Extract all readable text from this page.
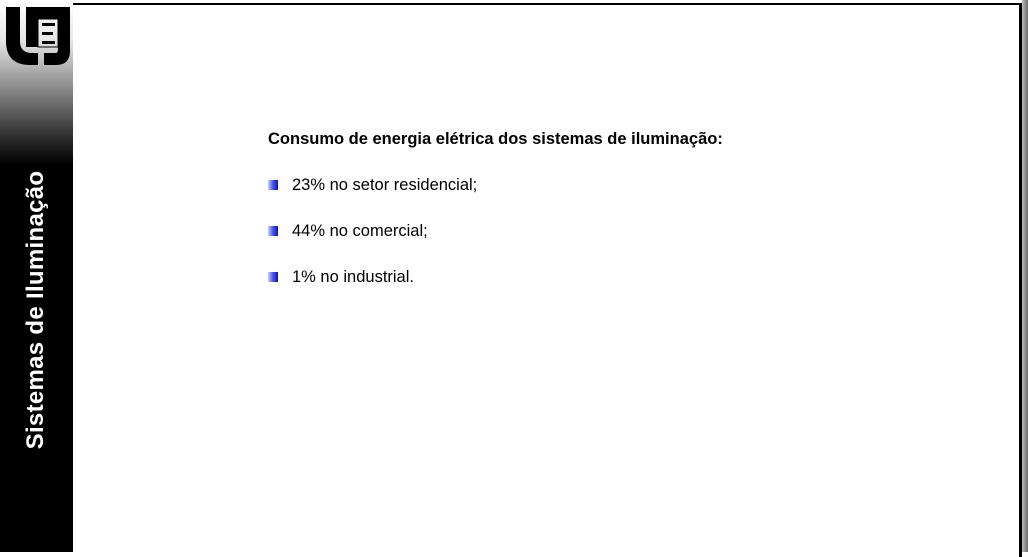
Sistemas de Iluminação

Consumo de energia elétrica dos sistemas de iluminação:

23% no setor residencial;
44% no comercial;
1% no industrial.
